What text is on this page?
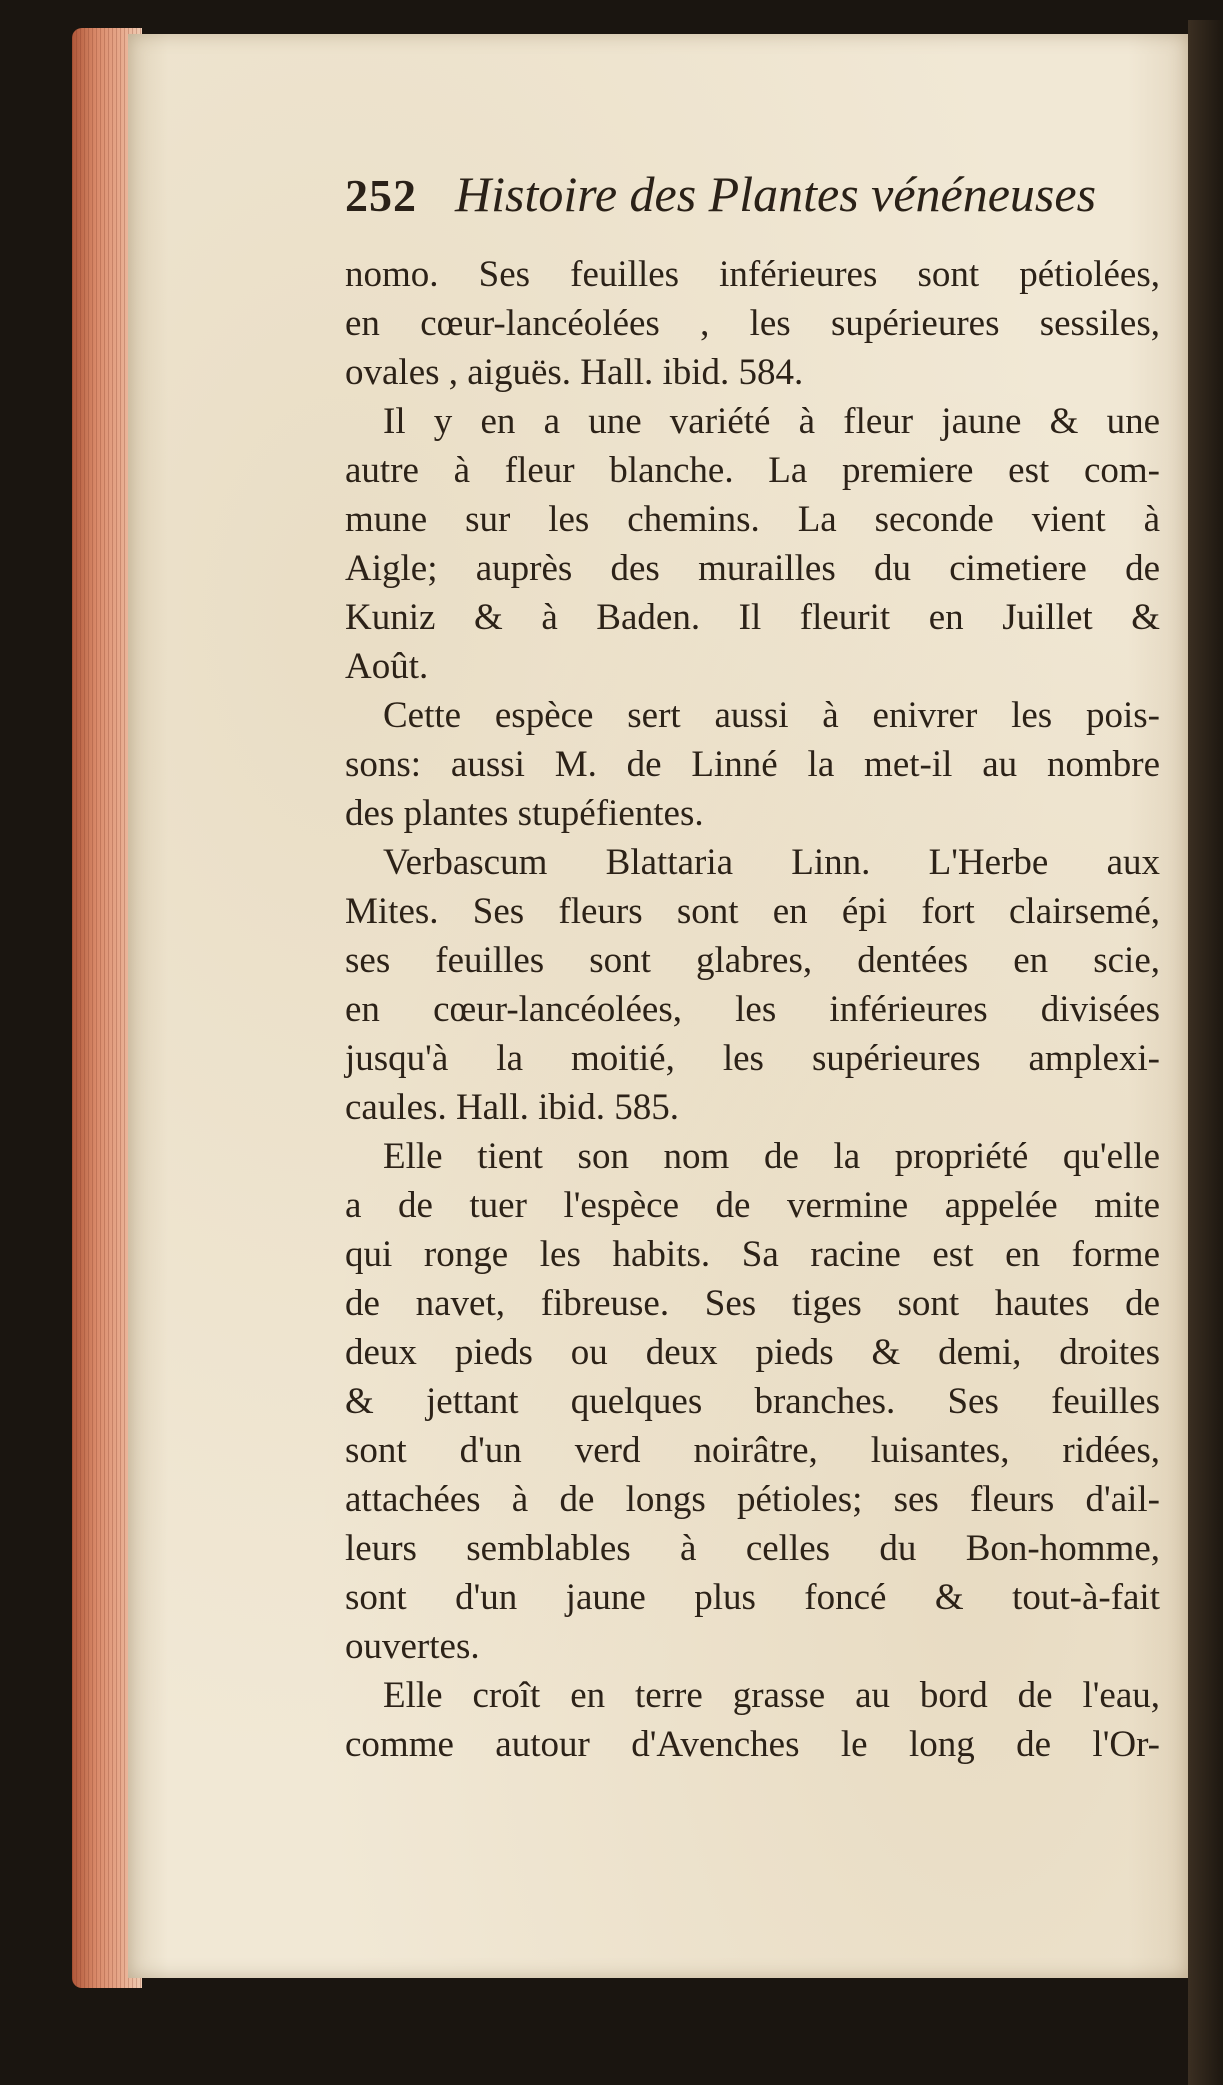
252 Histoire des Plantes vénéneuses
nomo. Ses feuilles inférieures sont pétiolées,
en cœur-lancéolées , les supérieures sessiles,
ovales , aiguës. Hall. ibid. 584.
Il y en a une variété à fleur jaune & une
autre à fleur blanche. La premiere est com-
mune sur les chemins. La seconde vient à
Aigle; auprès des murailles du cimetiere de
Kuniz & à Baden. Il fleurit en Juillet &
Août.
Cette espèce sert aussi à enivrer les pois-
sons: aussi M. de Linné la met-il au nombre
des plantes stupéfientes.
Verbascum Blattaria Linn. L'Herbe aux
Mites. Ses fleurs sont en épi fort clairsemé,
ses feuilles sont glabres, dentées en scie,
en cœur-lancéolées, les inférieures divisées
jusqu'à la moitié, les supérieures amplexi-
caules. Hall. ibid. 585.
Elle tient son nom de la propriété qu'elle
a de tuer l'espèce de vermine appelée mite
qui ronge les habits. Sa racine est en forme
de navet, fibreuse. Ses tiges sont hautes de
deux pieds ou deux pieds & demi, droites
& jettant quelques branches. Ses feuilles
sont d'un verd noirâtre, luisantes, ridées,
attachées à de longs pétioles; ses fleurs d'ail-
leurs semblables à celles du Bon-homme,
sont d'un jaune plus foncé & tout-à-fait
ouvertes.
Elle croît en terre grasse au bord de l'eau,
comme autour d'Avenches le long de l'Or-
